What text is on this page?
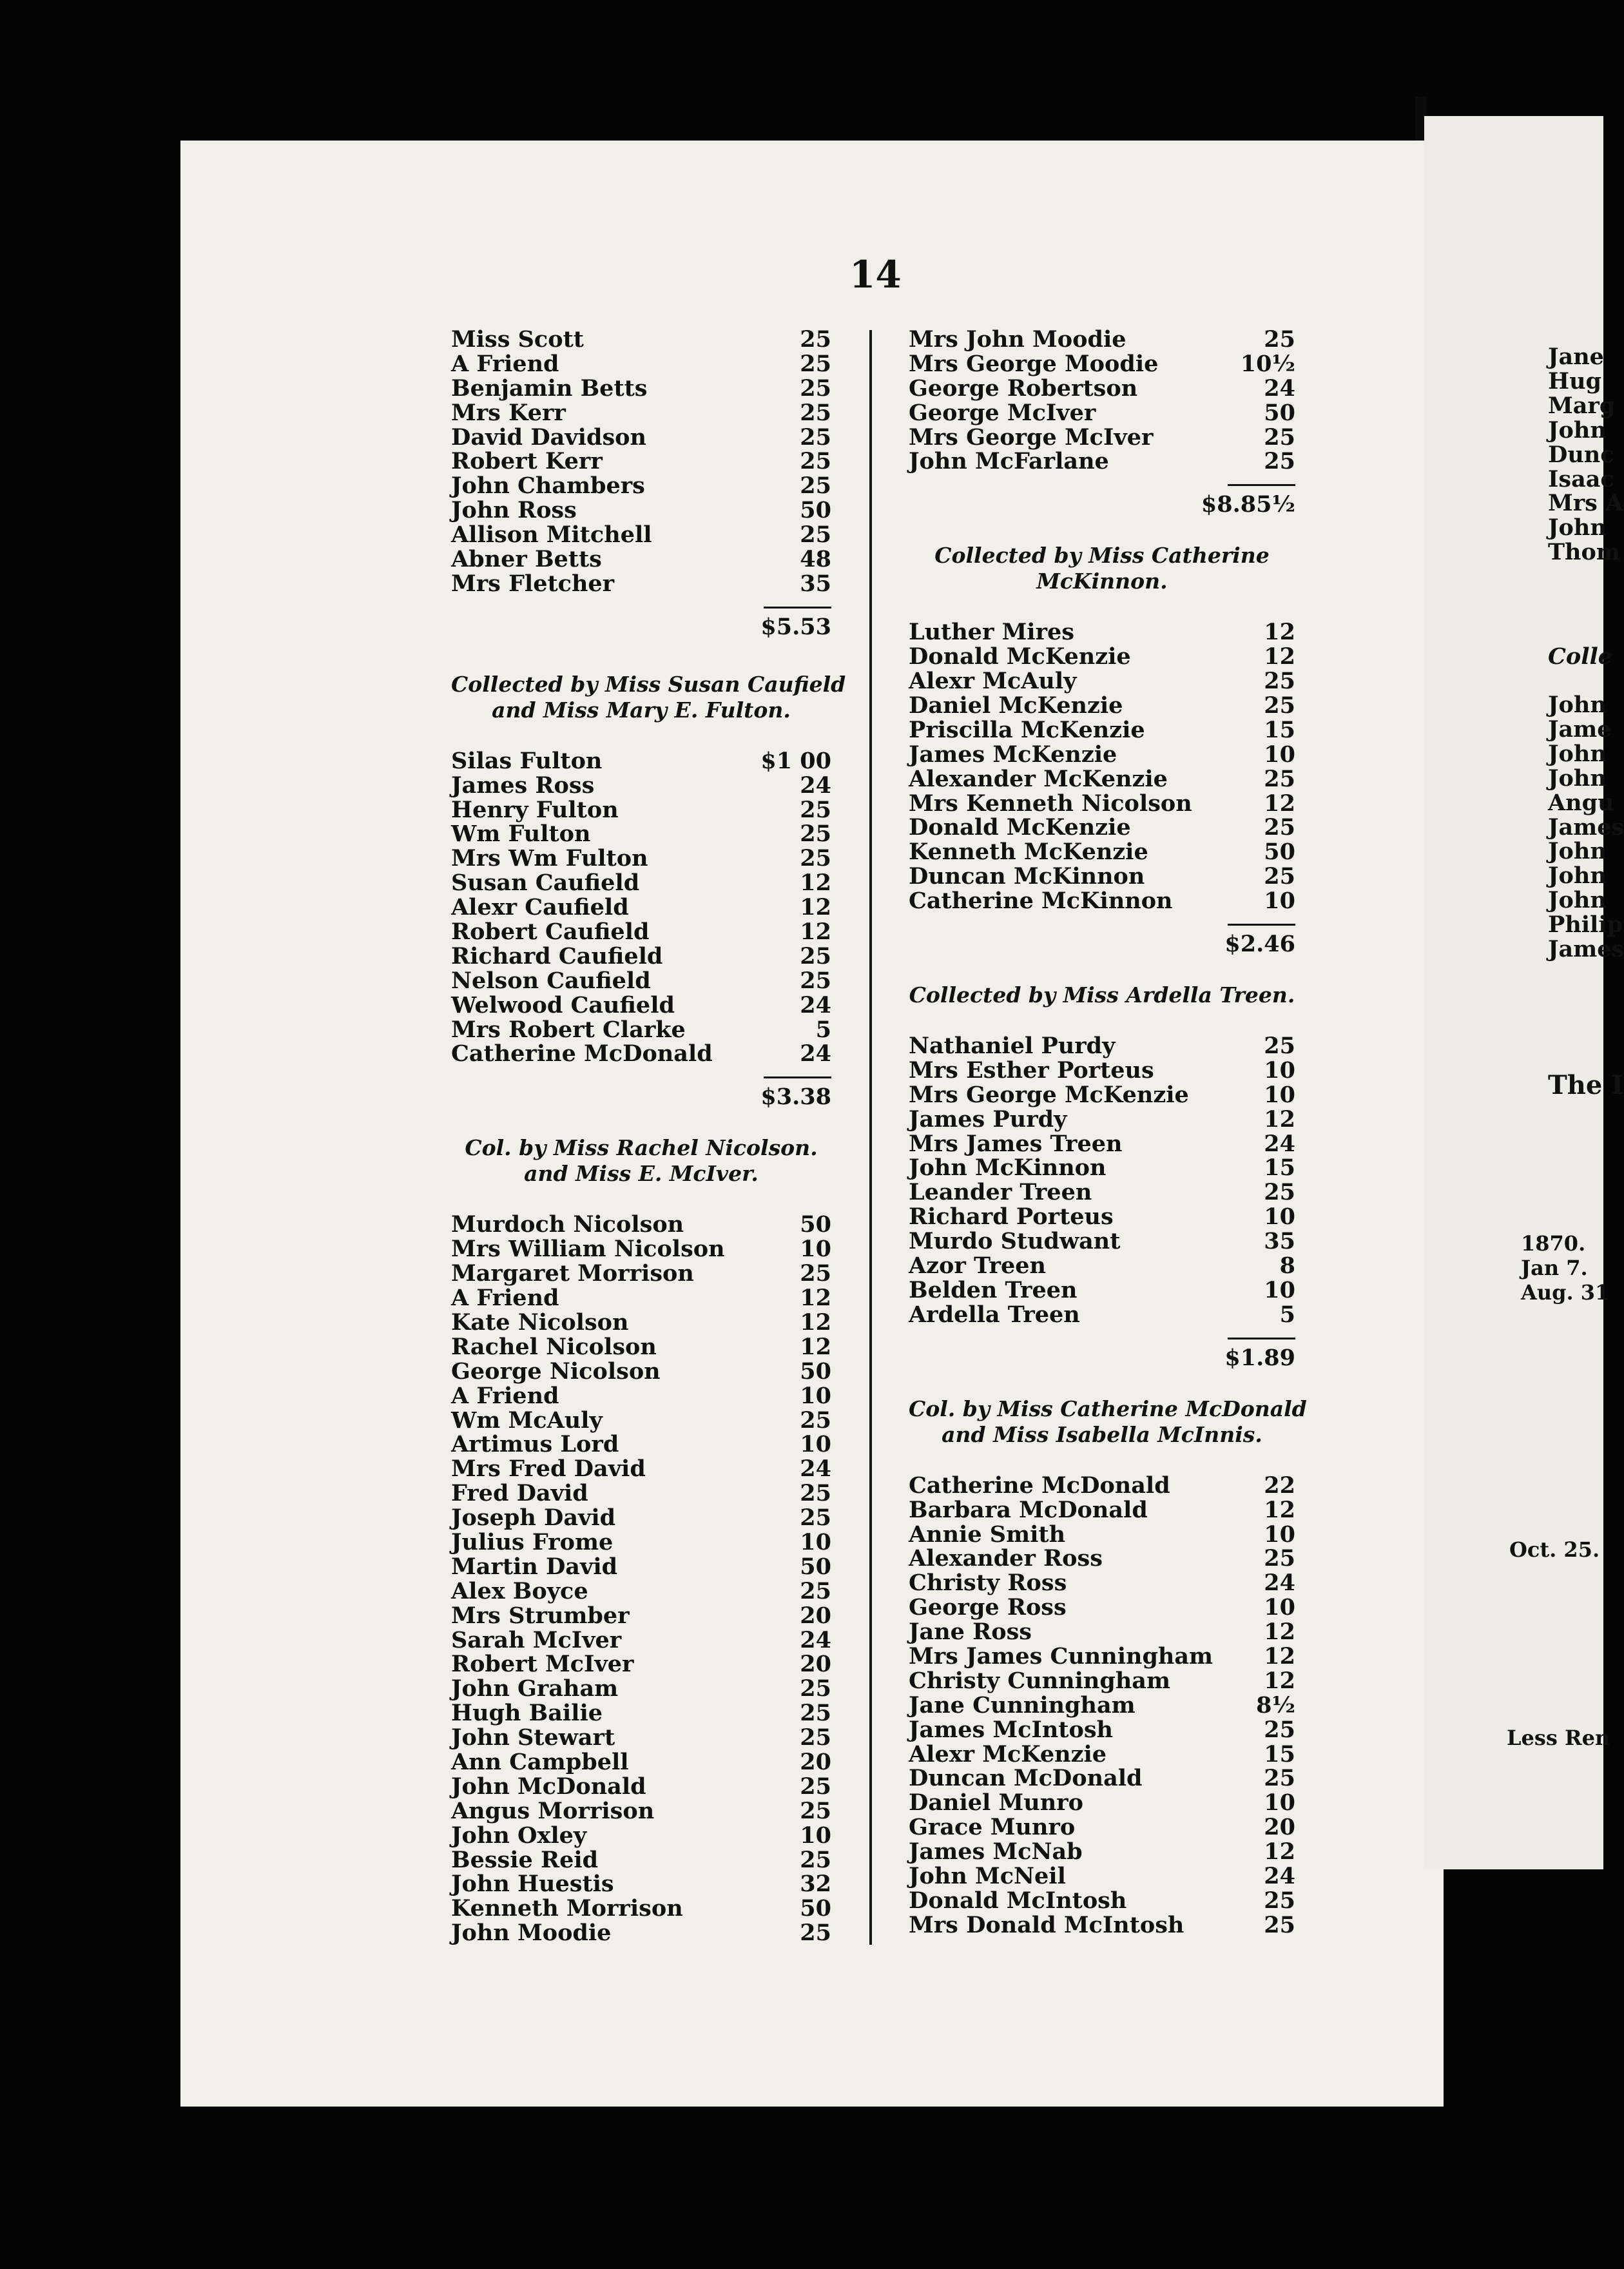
14
Miss Scott	25
A Friend	25
Benjamin Betts	25
Mrs Kerr	25
David Davidson	25
Robert Kerr	25
John Chambers	25
John Ross	50
Allison Mitchell	25
Abner Betts	48
Mrs Fletcher	35
$5.53
Collected by Miss Susan Caufield
and Miss Mary E. Fulton.
Silas Fulton	$1 00
James Ross	24
Henry Fulton	25
Wm Fulton	25
Mrs Wm Fulton	25
Susan Caufield	12
Alexr Caufield	12
Robert Caufield	12
Richard Caufield	25
Nelson Caufield	25
Welwood Caufield	24
Mrs Robert Clarke	5
Catherine McDonald	24
$3.38
Col. by Miss Rachel Nicolson.
and Miss E. McIver.
Murdoch Nicolson	50
Mrs William Nicolson	10
Margaret Morrison	25
A Friend	12
Kate Nicolson	12
Rachel Nicolson	12
George Nicolson	50
A Friend	10
Wm McAuly	25
Artimus Lord	10
Mrs Fred David	24
Fred David	25
Joseph David	25
Julius Frome	10
Martin David	50
Alex Boyce	25
Mrs Strumber	20
Sarah McIver	24
Robert McIver	20
John Graham	25
Hugh Bailie	25
John Stewart	25
Ann Campbell	20
John McDonald	25
Angus Morrison	25
John Oxley	10
Bessie Reid	25
John Huestis	32
Kenneth Morrison	50
John Moodie	25
Mrs John Moodie	25
Mrs George Moodie	10½
George Robertson	24
George McIver	50
Mrs George McIver	25
John McFarlane	25
$8.85½
Collected by Miss Catherine
McKinnon.
Luther Mires	12
Donald McKenzie	12
Alexr McAuly	25
Daniel McKenzie	25
Priscilla McKenzie	15
James McKenzie	10
Alexander McKenzie	25
Mrs Kenneth Nicolson	12
Donald McKenzie	25
Kenneth McKenzie	50
Duncan McKinnon	25
Catherine McKinnon	10
$2.46
Collected by Miss Ardella Treen.
Nathaniel Purdy	25
Mrs Esther Porteus	10
Mrs George McKenzie	10
James Purdy	12
Mrs James Treen	24
John McKinnon	15
Leander Treen	25
Richard Porteus	10
Murdo Studwant	35
Azor Treen	8
Belden Treen	10
Ardella Treen	5
$1.89
Col. by Miss Catherine McDonald
and Miss Isabella McInnis.
Catherine McDonald	22
Barbara McDonald	12
Annie Smith	10
Alexander Ross	25
Christy Ross	24
George Ross	10
Jane Ross	12
Mrs James Cunningham 12
Christy Cunningham	12
Jane Cunningham	8½
James McIntosh	25
Alexr McKenzie	15
Duncan McDonald	25
Daniel Munro	10
Grace Munro	20
James McNab	12
John McNeil	24
Donald McIntosh	25
Mrs Donald McIntosh	25
Jane
Hug
Marg
John
Dunc
Isaac
Mrs A
John
Thom
Colle
John
Jame
John
John
Angu
James
John
John
John
Philip
James
The I
1870.
Jan 7.
Aug. 31
Oct. 25.
Less Ren
